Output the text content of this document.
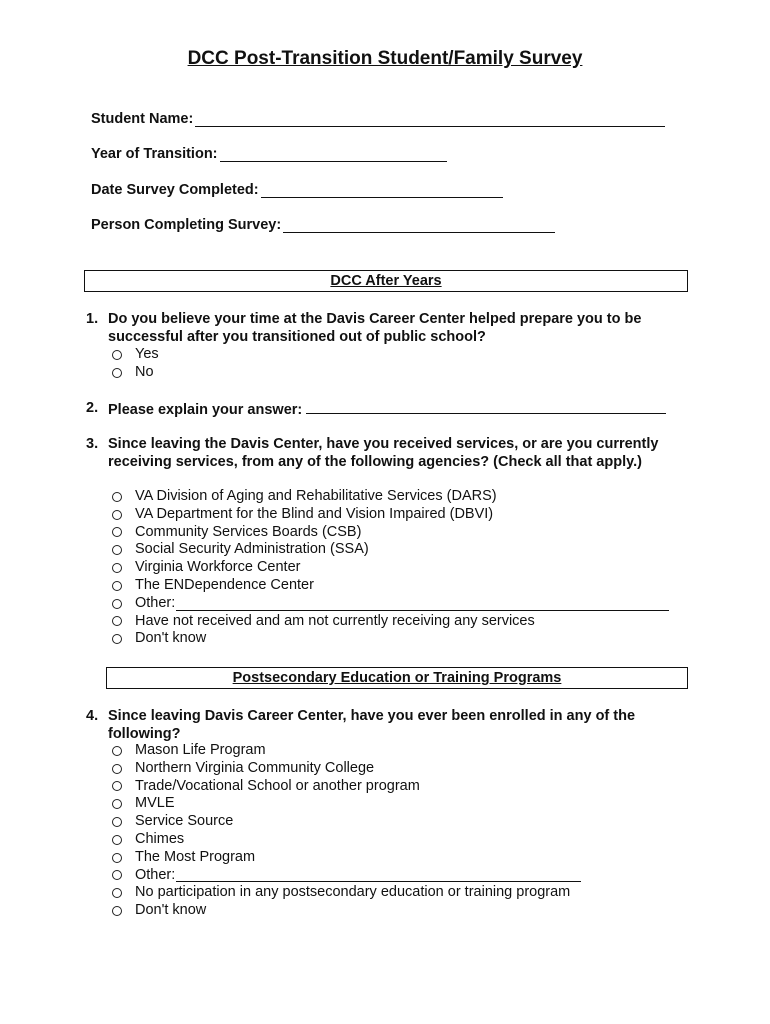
DCC Post-Transition Student/Family Survey
Student Name:
Year of Transition:
Date Survey Completed:
Person Completing Survey:
DCC After Years
1. Do you believe your time at the Davis Career Center helped prepare you to be successful after you transitioned out of public school?
Yes
No
2. Please explain your answer:
3. Since leaving the Davis Center, have you received services, or are you currently receiving services, from any of the following agencies? (Check all that apply.)
VA Division of Aging and Rehabilitative Services (DARS)
VA Department for the Blind and Vision Impaired (DBVI)
Community Services Boards (CSB)
Social Security Administration (SSA)
Virginia Workforce Center
The ENDependence Center
Other:
Have not received and am not currently receiving any services
Don't know
Postsecondary Education or Training Programs
4. Since leaving Davis Career Center, have you ever been enrolled in any of the following?
Mason Life Program
Northern Virginia Community College
Trade/Vocational School or another program
MVLE
Service Source
Chimes
The Most Program
Other:
No participation in any postsecondary education or training program
Don't know
